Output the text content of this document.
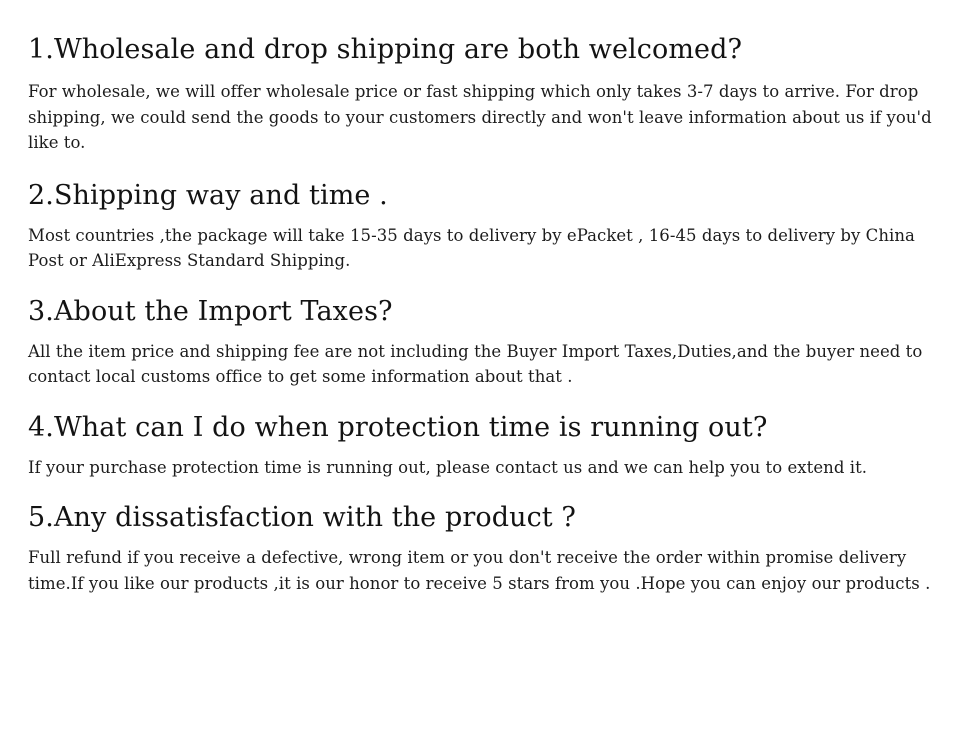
1.Wholesale and drop shipping are both welcomed?

For wholesale, we will offer wholesale price or fast shipping which only takes 3-7 days to arrive. For drop shipping, we could send the goods to your customers directly and won't leave information about us if you'd like to.

2.Shipping way and time .

Most countries ,the package will take 15-35 days to delivery by ePacket , 16-45 days to delivery by China Post or AliExpress Standard Shipping.

3.About the Import Taxes?

All the item price and shipping fee are not including the Buyer Import Taxes,Duties,and the buyer need to contact local customs office to get some information about that .

4.What can I do when protection time is running out?

If your purchase protection time is running out, please contact us and we can help you to extend it.

5.Any dissatisfaction with the product ?

Full refund if you receive a defective, wrong item or you don't receive the order within promise delivery time.If you like our products ,it is our honor to receive 5 stars from you .Hope you can enjoy our products .
